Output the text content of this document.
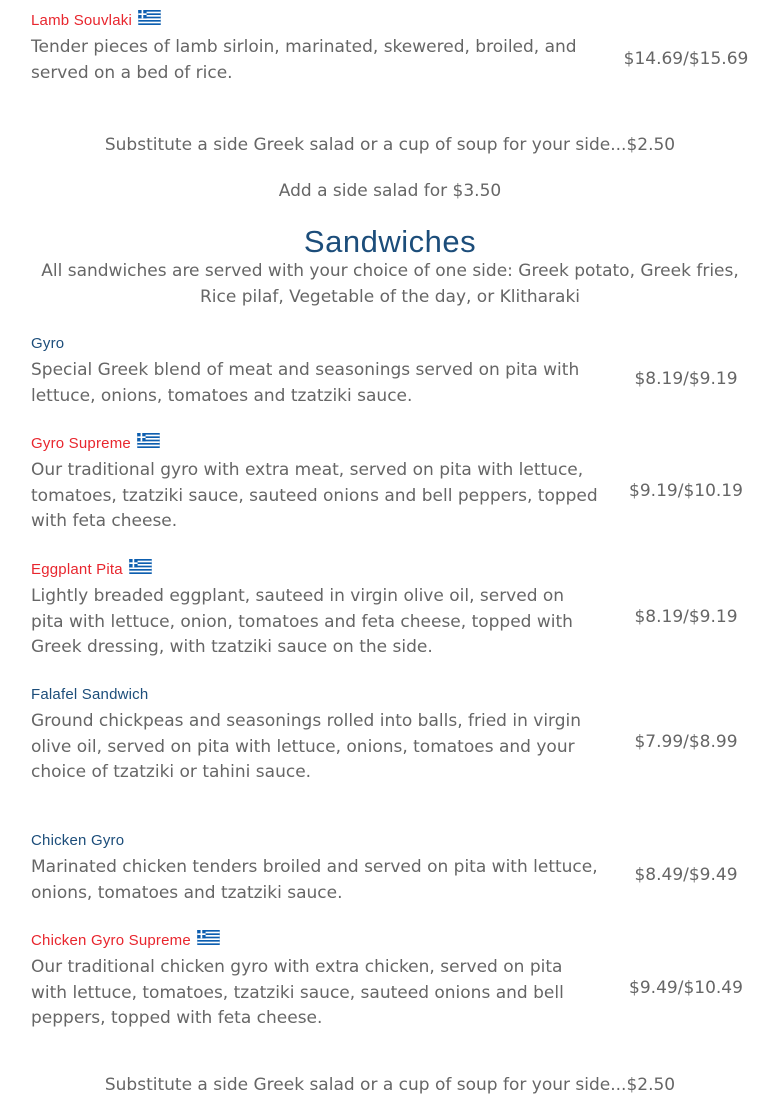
Lamb Souvlaki
Tender pieces of lamb sirloin, marinated, skewered, broiled, and served on a bed of rice.
$14.69/$15.69
Substitute a side Greek salad or a cup of soup for your side...$2.50
Add a side salad for $3.50
Sandwiches
All sandwiches are served with your choice of one side: Greek potato, Greek fries, Rice pilaf, Vegetable of the day, or Klitharaki
Gyro
Special Greek blend of meat and seasonings served on pita with lettuce, onions, tomatoes and tzatziki sauce.
$8.19/$9.19
Gyro Supreme
Our traditional gyro with extra meat, served on pita with lettuce, tomatoes, tzatziki sauce, sauteed onions and bell peppers, topped with feta cheese.
$9.19/$10.19
Eggplant Pita
Lightly breaded eggplant, sauteed in virgin olive oil, served on pita with lettuce, onion, tomatoes and feta cheese, topped with Greek dressing, with tzatziki sauce on the side.
$8.19/$9.19
Falafel Sandwich
Ground chickpeas and seasonings rolled into balls, fried in virgin olive oil, served on pita with lettuce, onions, tomatoes and your choice of tzatziki or tahini sauce.
$7.99/$8.99
Chicken Gyro
Marinated chicken tenders broiled and served on pita with lettuce, onions, tomatoes and tzatziki sauce.
$8.49/$9.49
Chicken Gyro Supreme
Our traditional chicken gyro with extra chicken, served on pita with lettuce, tomatoes, tzatziki sauce, sauteed onions and bell peppers, topped with feta cheese.
$9.49/$10.49
Substitute a side Greek salad or a cup of soup for your side...$2.50
